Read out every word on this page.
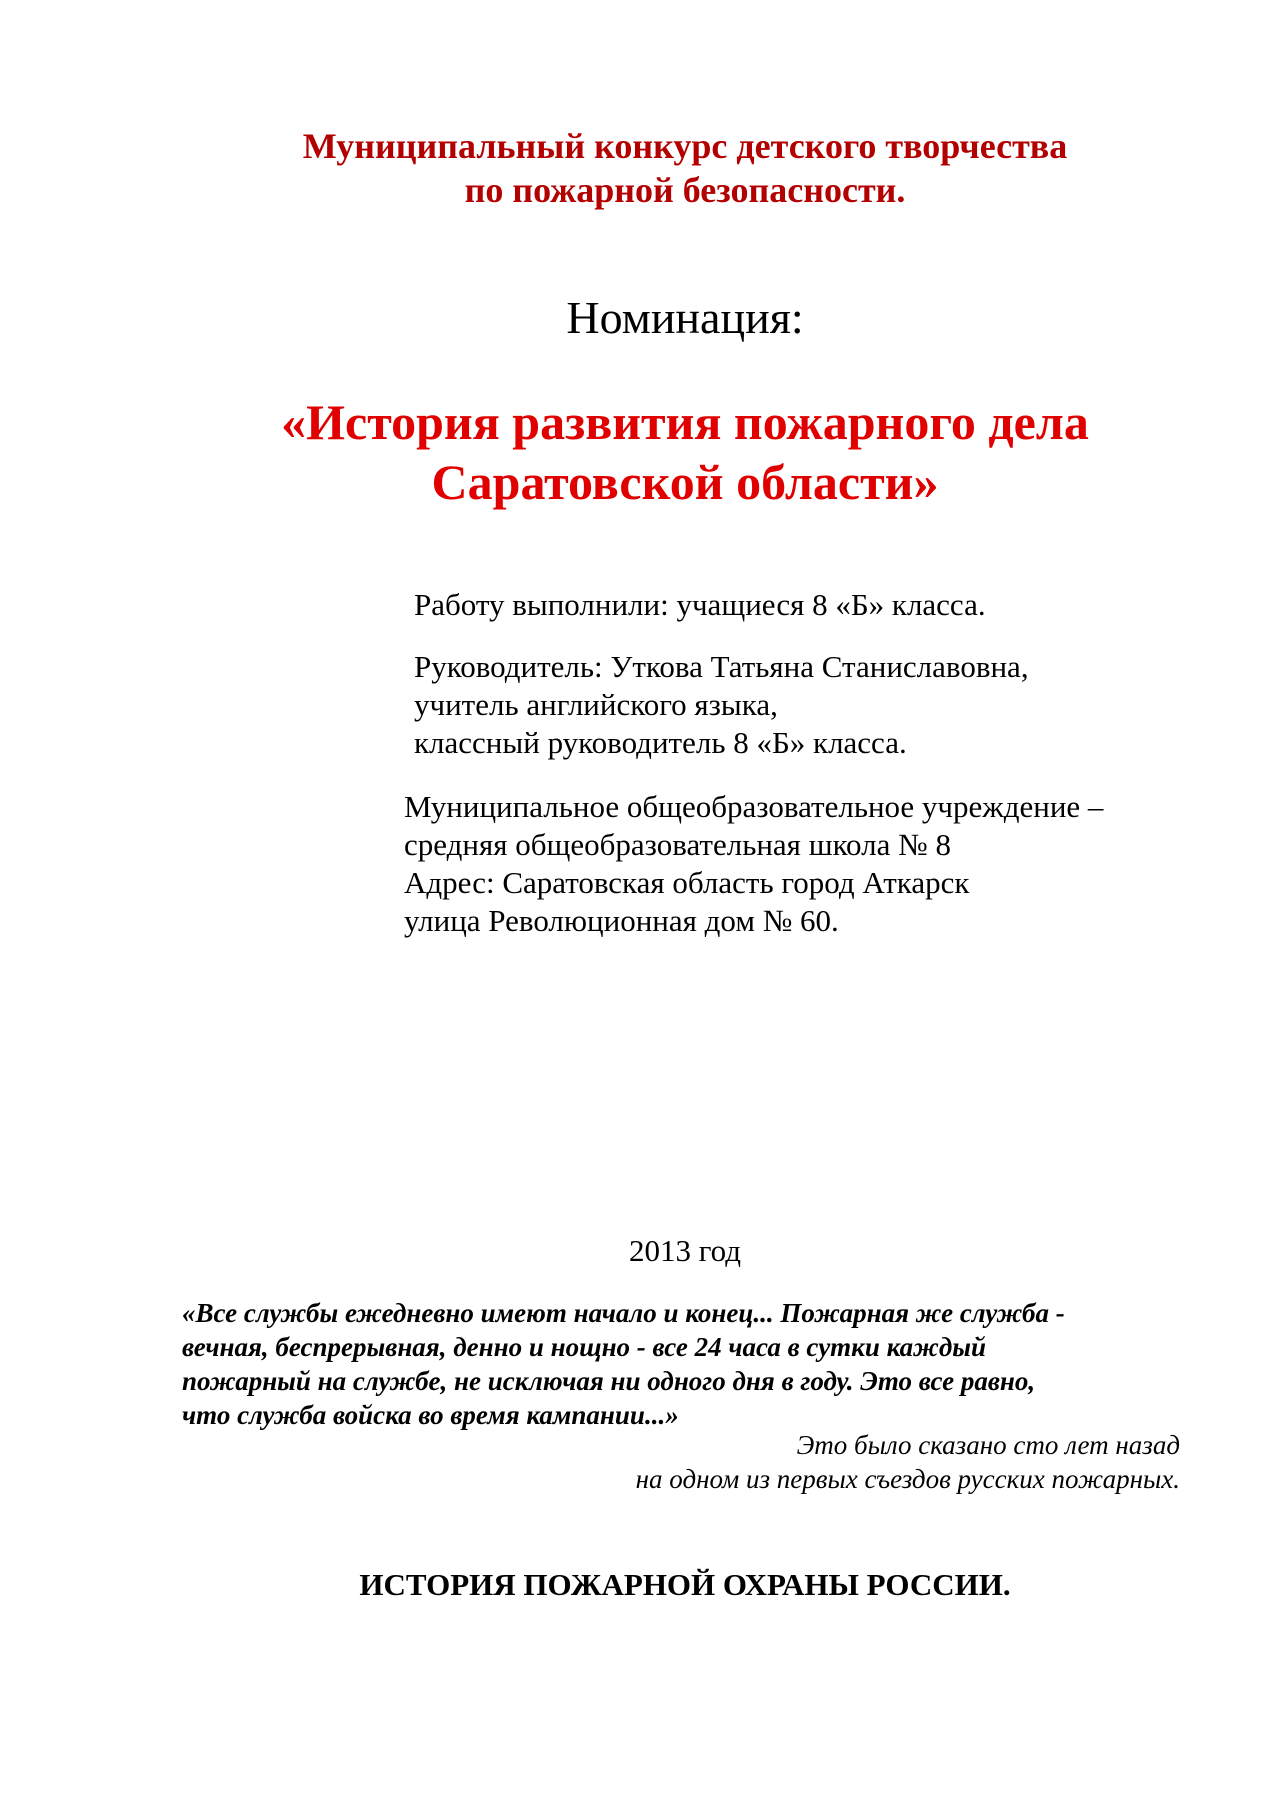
Муниципальный конкурс детского творчества
по пожарной безопасности.
Номинация:
«История развития пожарного дела
Саратовской области»
Работу выполнили: учащиеся 8 «Б» класса.
Руководитель: Уткова Татьяна Станиславовна,
учитель английского языка,
классный руководитель 8 «Б» класса.
Муниципальное общеобразовательное учреждение –
средняя общеобразовательная школа № 8
Адрес: Саратовская область город Аткарск
улица Революционная дом № 60.
2013 год
«Все службы ежедневно имеют начало и конец... Пожарная же служба -
вечная, беспрерывная, денно и нощно - все 24 часа в сутки каждый
пожарный на службе, не исключая ни одного дня в году. Это все равно,
что служба войска во время кампании...»
Это было сказано сто лет назад
на одном из первых съездов русских пожарных.
ИСТОРИЯ ПОЖАРНОЙ ОХРАНЫ РОССИИ.
